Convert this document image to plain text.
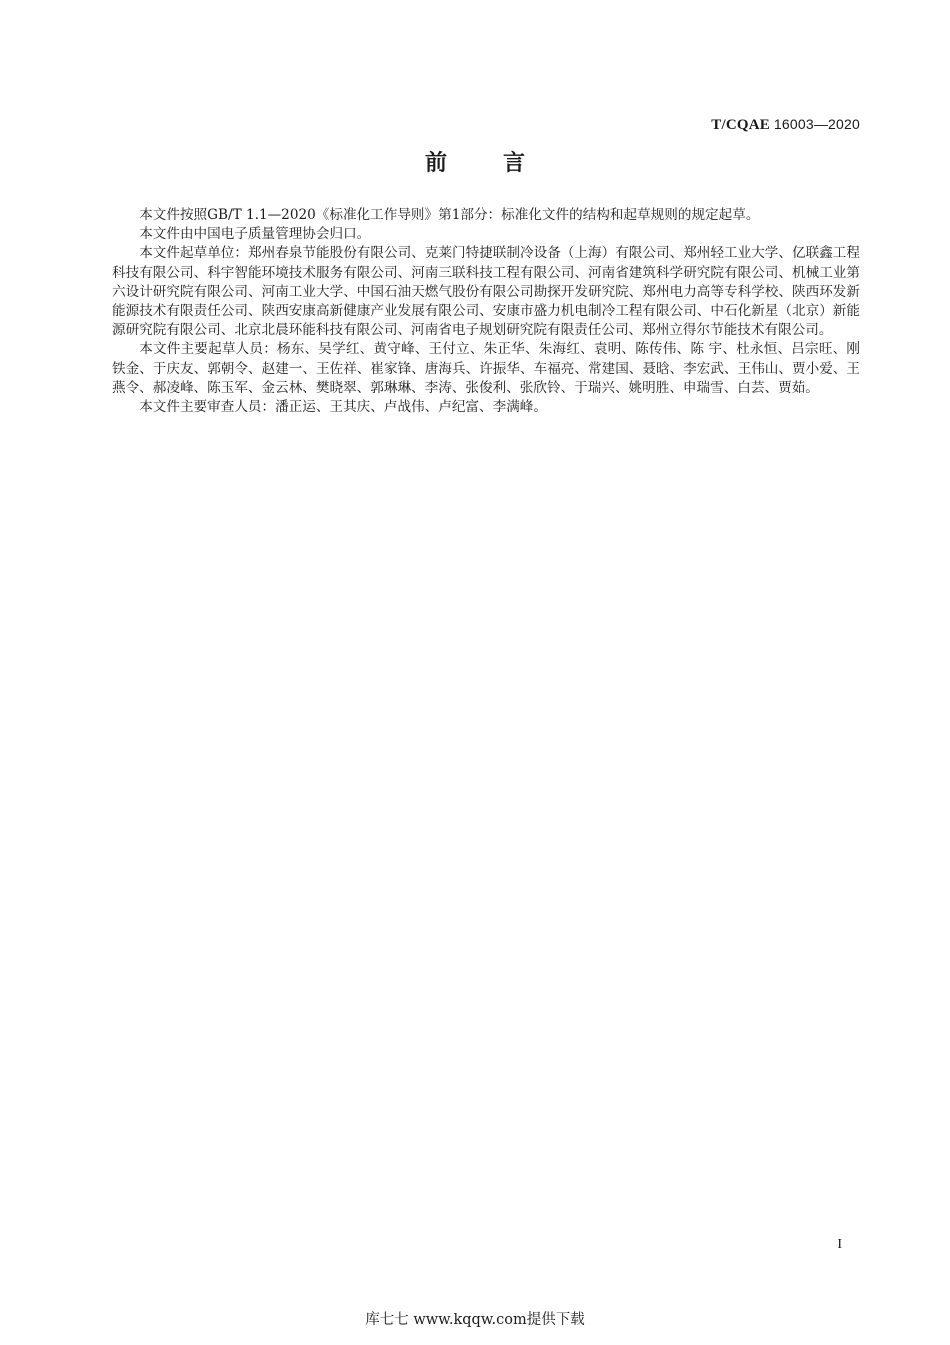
T/CQAE 16003—2020
前言

本文件按照GB/T 1.1—2020《标准化工作导则》第1部分：标准化文件的结构和起草规则的规定起草。

本文件由中国电子质量管理协会归口。

本文件起草单位：郑州春泉节能股份有限公司、克莱门特捷联制冷设备（上海）有限公司、郑州轻工业大学、亿联鑫工程科技有限公司、科宇智能环境技术服务有限公司、河南三联科技工程有限公司、河南省建筑科学研究院有限公司、机械工业第六设计研究院有限公司、河南工业大学、中国石油天燃气股份有限公司勘探开发研究院、郑州电力高等专科学校、陕西环发新能源技术有限责任公司、陕西安康高新健康产业发展有限公司、安康市盛力机电制冷工程有限公司、中石化新星（北京）新能源研究院有限公司、北京北晨环能科技有限公司、河南省电子规划研究院有限责任公司、郑州立得尔节能技术有限公司。

本文件主要起草人员：杨东、吴学红、黄守峰、王付立、朱正华、朱海红、袁明、陈传伟、陈 宇、杜永恒、吕宗旺、刚铁金、于庆友、郭朝令、赵建一、王佐祥、崔家锋、唐海兵、许振华、车福亮、常建国、聂晗、李宏武、王伟山、贾小爱、王燕令、郝凌峰、陈玉军、金云林、樊晓翠、郭琳琳、李涛、张俊利、张欣铃、于瑞兴、姚明胜、申瑞雪、白芸、贾茹。

本文件主要审查人员：潘正运、王其庆、卢战伟、卢纪富、李满峰。

I
库七七 www.kqqw.com提供下载
